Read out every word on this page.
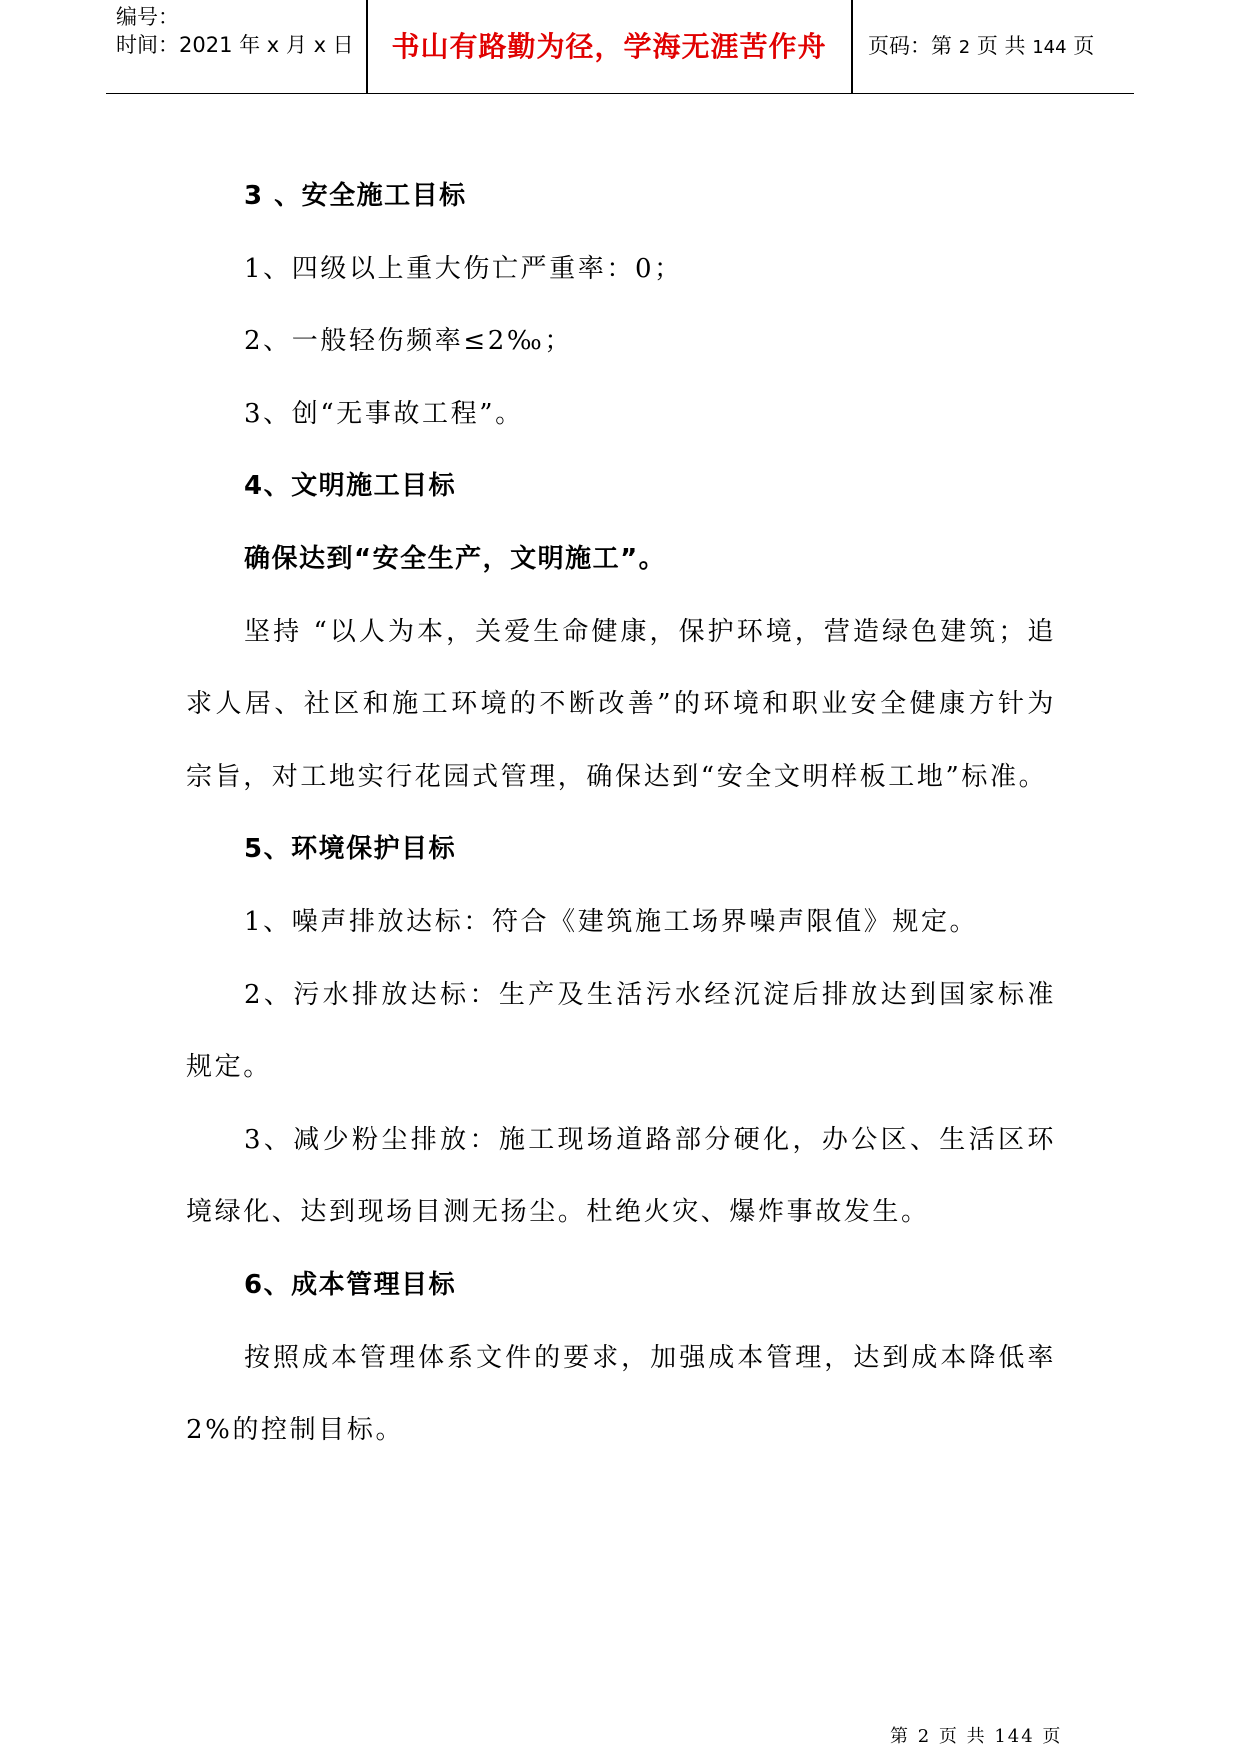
编号：
时间：2021 年 x 月 x 日	书山有路勤为径，学海无涯苦作舟	页码：第 2 页 共 144 页

3 、安全施工目标

1、四级以上重大伤亡严重率：0；

2、一般轻伤频率≤2‰；

3、创“无事故工程”。

4、文明施工目标

确保达到“安全生产，文明施工”。

坚持 “以人为本，关爱生命健康，保护环境，营造绿色建筑；追求人居、社区和施工环境的不断改善”的环境和职业安全健康方针为宗旨，对工地实行花园式管理，确保达到“安全文明样板工地”标准。

5、环境保护目标

1、噪声排放达标：符合《建筑施工场界噪声限值》规定。

2、污水排放达标：生产及生活污水经沉淀后排放达到国家标准规定。

3、减少粉尘排放：施工现场道路部分硬化，办公区、生活区环境绿化、达到现场目测无扬尘。杜绝火灾、爆炸事故发生。

6、成本管理目标

按照成本管理体系文件的要求，加强成本管理，达到成本降低率2%的控制目标。

第 2 页 共 144 页
